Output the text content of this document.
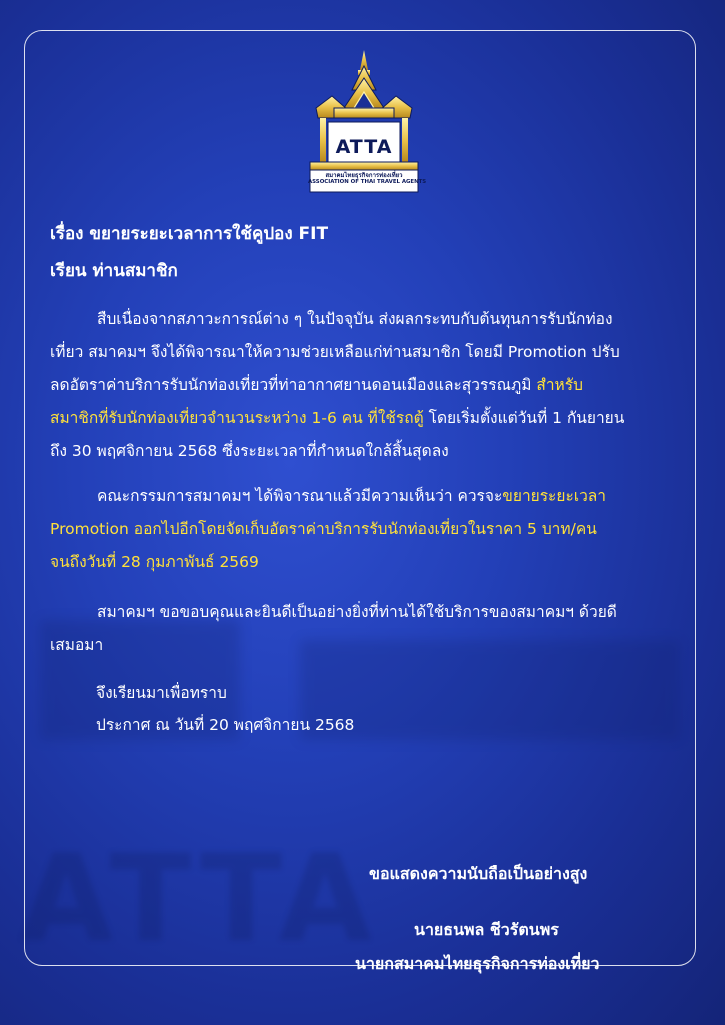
ATTA
ATTA
สมาคมไทยธุรกิจการท่องเที่ยว
ASSOCIATION OF THAI TRAVEL AGENTS
เรื่อง ขยายระยะเวลาการใช้คูปอง FIT
เรียน ท่านสมาชิก
สืบเนื่องจากสภาวะการณ์ต่าง ๆ ในปัจจุบัน ส่งผลกระทบกับต้นทุนการรับนักท่อง
เที่ยว สมาคมฯ จึงได้พิจารณาให้ความช่วยเหลือแก่ท่านสมาชิก โดยมี Promotion ปรับ
ลดอัตราค่าบริการรับนักท่องเที่ยวที่ท่าอากาศยานดอนเมืองและสุวรรณภูมิ สำหรับ
สมาชิกที่รับนักท่องเที่ยวจำนวนระหว่าง 1-6 คน ที่ใช้รถตู้ โดยเริ่มตั้งแต่วันที่ 1 กันยายน
ถึง 30 พฤศจิกายน 2568 ซึ่งระยะเวลาที่กำหนดใกล้สิ้นสุดลง
คณะกรรมการสมาคมฯ ได้พิจารณาแล้วมีความเห็นว่า ควรจะขยายระยะเวลา
Promotion ออกไปอีกโดยจัดเก็บอัตราค่าบริการรับนักท่องเที่ยวในราคา 5 บาท/คน
จนถึงวันที่ 28 กุมภาพันธ์ 2569
สมาคมฯ ขอขอบคุณและยินดีเป็นอย่างยิ่งที่ท่านได้ใช้บริการของสมาคมฯ ด้วยดี
เสมอมา
จึงเรียนมาเพื่อทราบ
ประกาศ ณ วันที่ 20 พฤศจิกายน 2568
ขอแสดงความนับถือเป็นอย่างสูง
นายธนพล ชีวรัตนพร
นายกสมาคมไทยธุรกิจการท่องเที่ยว
